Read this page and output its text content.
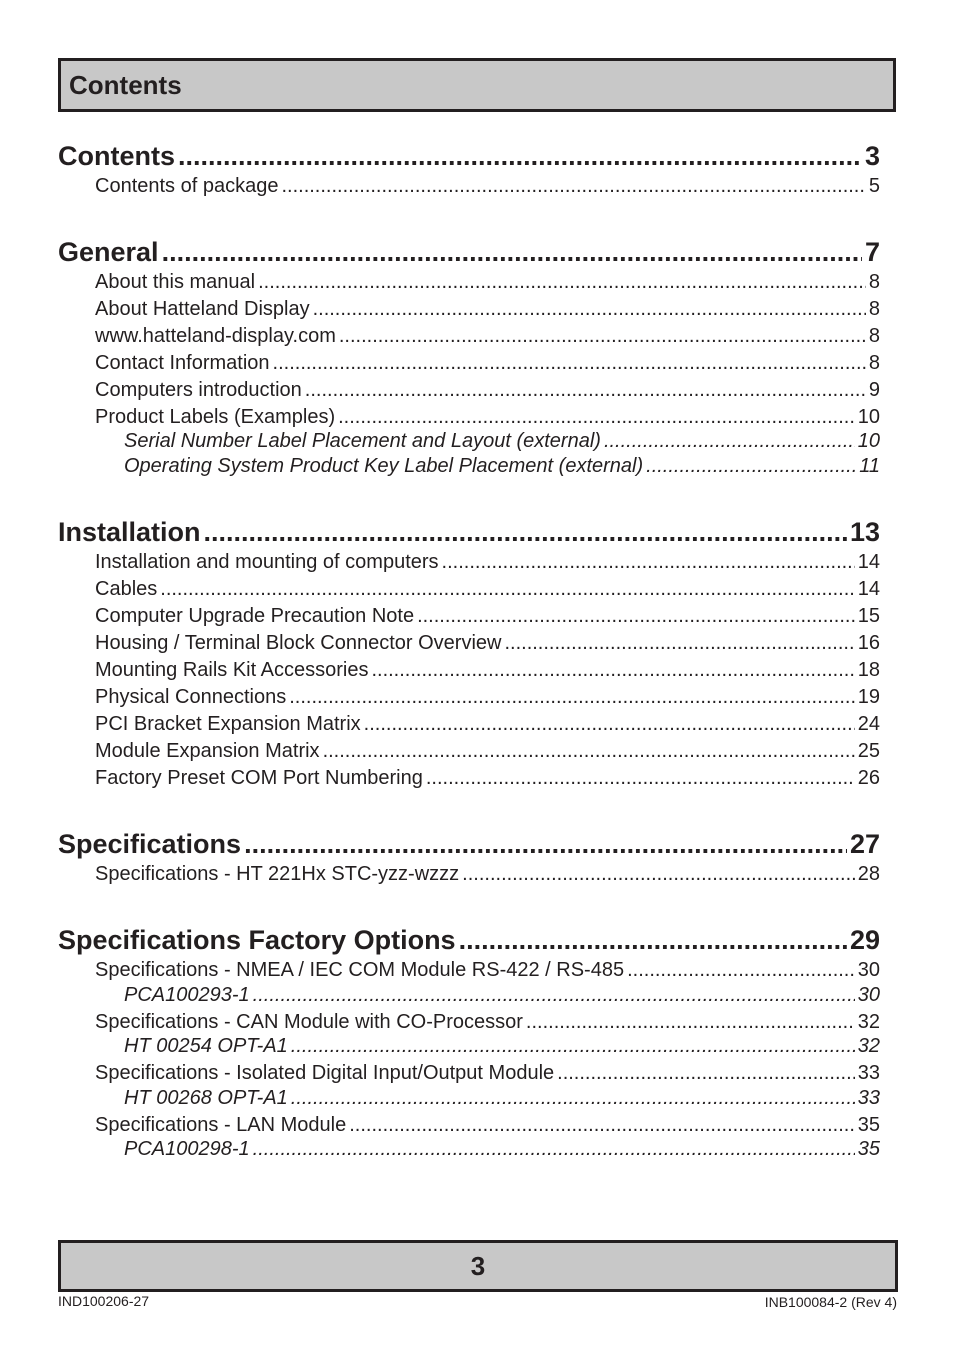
Contents
Contents .....	3
Contents of package .....	5
General .....	7
About this manual .....	8
About Hatteland Display .....	8
www.hatteland-display.com .....	8
Contact Information .....	8
Computers introduction .....	9
Product Labels (Examples) .....	10
Serial Number Label Placement and Layout (external) .....	10
Operating System Product Key Label Placement (external) .....	11
Installation .....	13
Installation and mounting of computers .....	14
Cables .....	14
Computer Upgrade Precaution Note .....	15
Housing / Terminal Block Connector Overview .....	16
Mounting Rails Kit Accessories .....	18
Physical Connections .....	19
PCI Bracket Expansion Matrix .....	24
Module Expansion Matrix .....	25
Factory Preset COM Port Numbering .....	26
Specifications .....	27
Specifications - HT 221Hx STC-yzz-wzzz .....	28
Specifications Factory Options .....	29
Specifications - NMEA / IEC COM Module RS-422 / RS-485 .....	30
PCA100293-1 .....	30
Specifications - CAN Module with CO-Processor .....	32
HT 00254 OPT-A1 .....	32
Specifications - Isolated Digital Input/Output Module .....	33
HT 00268 OPT-A1 .....	33
Specifications - LAN Module .....	35
PCA100298-1 .....	35
3
IND100206-27	INB100084-2 (Rev 4)
